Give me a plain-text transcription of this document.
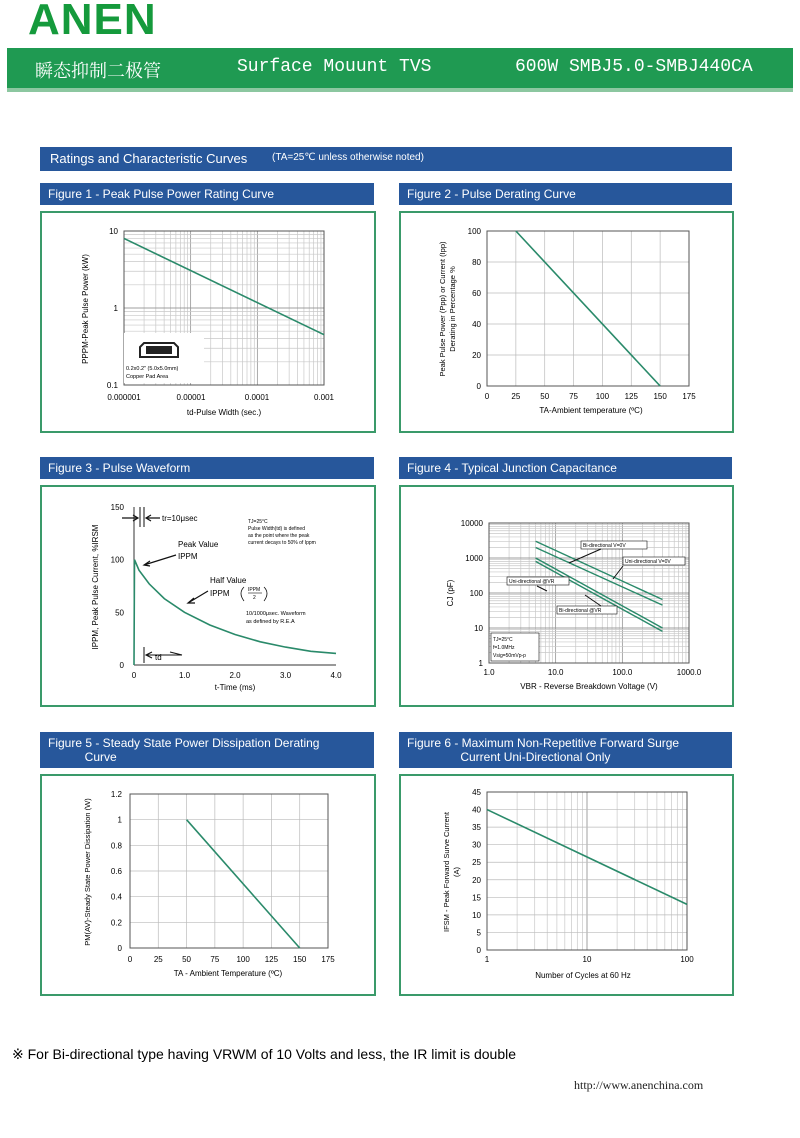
ANEN
瞬态抑制二极管	Surface Mouunt TVS	600W SMBJ5.0-SMBJ440CA
Ratings and Characteristic Curves (TA=25℃ unless otherwise noted)
Figure 1 - Peak Pulse Power Rating Curve	Figure 2 - Pulse Derating Curve
Figure 3 - Pulse Waveform	Figure 4 - Typical Junction Capacitance
Figure 5 - Steady State Power Dissipation Derating
Curve
Figure 6 - Maximum Non-Repetitive Forward Surge
Current Uni-Directional Only
10
1
0.1
0.000001	0.00001	0.0001	0.001
td-Pulse Width (sec.)
PPPM-Peak Pulse Power (kW)
0.2x0.2" (5.0x5.0mm)
Copper Pad Area
100
80
60
40
20
0
0	25 50 75 100 125 150 175
TA-Ambient temperature (ºC)
Peak Pulse Power (Ppp) or Current (Ipp) Derating in Percentage %
150
100
50
0
0	1.0	2.0	3.0	4.0
tr=10μsec	TJ=25°C
Pulse Width(td) is defined
as the point where the peak
current decays to 50% of Ippm
Peak Value
IPPM
Half Value
IPPM	IPPM
2
10/1000μsec. Waveform
as defined by R.E.A
td
t-Time (ms)
IPPM, Peak Pulse Current, %IRSM
10000
1000
100
10
1
1.0	10.0	100.0	1000.0
Bi-directional V=0V
Uni-directional V=0V
Uni-directional @VR
Bi-directional @VR
TJ=25°C
f=1.0MHz
Vsig=50mVp-p
VBR - Reverse Breakdown Voltage (V)
CJ (pF)
1.2
1
0.8
0.6
0.4
0.2
0
0	25 50 75 100 125 150 175
TA - Ambient Temperature (ºC)
PM(AV)-Steady State Power Dissipation (W)
45
40
35
30
25
20
15
10
5
0
1	10	100
Number of Cycles at 60 Hz
IFSM - Peak Forward Surve Current (A)
※ For Bi-directional type having VRWM of 10 Volts and less, the IR limit is double
http://www.anenchina.com
